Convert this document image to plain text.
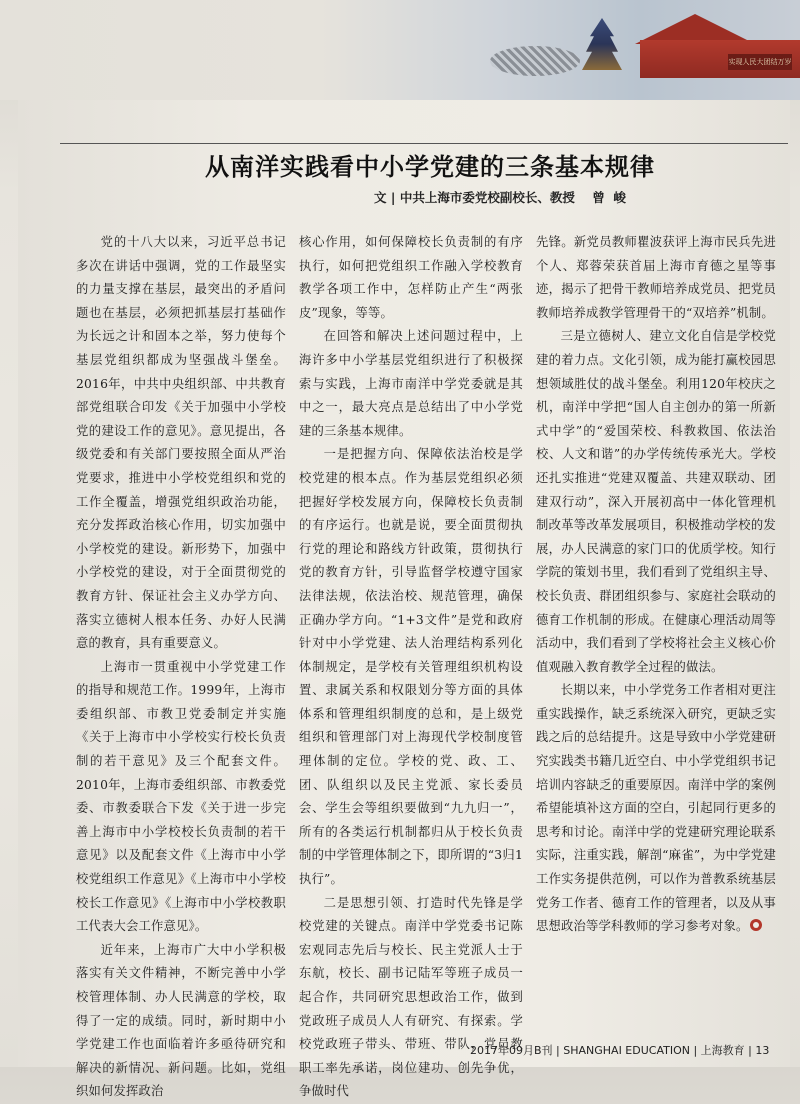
实现人民大团结万岁
从南洋实践看中小学党建的三条基本规律
文 | 中共上海市委党校副校长、教授    曾  峻

党的十八大以来，习近平总书记多次在讲话中强调，党的工作最坚实的力量支撑在基层，最突出的矛盾问题也在基层，必须把抓基层打基础作为长远之计和固本之举，努力使每个基层党组织都成为坚强战斗堡垒。2016年，中共中央组织部、中共教育部党组联合印发《关于加强中小学校党的建设工作的意见》。意见提出，各级党委和有关部门要按照全面从严治党要求，推进中小学校党组织和党的工作全覆盖，增强党组织政治功能，充分发挥政治核心作用，切实加强中小学校党的建设。新形势下，加强中小学校党的建设，对于全面贯彻党的教育方针、保证社会主义办学方向、落实立德树人根本任务、办好人民满意的教育，具有重要意义。

上海市一贯重视中小学党建工作的指导和规范工作。1999年，上海市委组织部、市教卫党委制定并实施《关于上海市中小学校实行校长负责制的若干意见》及三个配套文件。2010年，上海市委组织部、市教委党委、市教委联合下发《关于进一步完善上海市中小学校校长负责制的若干意见》以及配套文件《上海市中小学校党组织工作意见》《上海市中小学校校长工作意见》《上海市中小学校教职工代表大会工作意见》。

近年来，上海市广大中小学积极落实有关文件精神，不断完善中小学校管理体制、办人民满意的学校，取得了一定的成绩。同时，新时期中小学党建工作也面临着许多亟待研究和解决的新情况、新问题。比如，党组织如何发挥政治

核心作用，如何保障校长负责制的有序执行，如何把党组织工作融入学校教育教学各项工作中，怎样防止产生“两张皮”现象，等等。

在回答和解决上述问题过程中，上海许多中小学基层党组织进行了积极探索与实践，上海市南洋中学党委就是其中之一，最大亮点是总结出了中小学党建的三条基本规律。

一是把握方向、保障依法治校是学校党建的根本点。作为基层党组织必须把握好学校发展方向，保障校长负责制的有序运行。也就是说，要全面贯彻执行党的理论和路线方针政策，贯彻执行党的教育方针，引导监督学校遵守国家法律法规，依法治校、规范管理，确保正确办学方向。“1+3文件”是党和政府针对中小学党建、法人治理结构系列化体制规定，是学校有关管理组织机构设置、隶属关系和权限划分等方面的具体体系和管理组织制度的总和，是上级党组织和管理部门对上海现代学校制度管理体制的定位。学校的党、政、工、团、队组织以及民主党派、家长委员会、学生会等组织要做到“九九归一”，所有的各类运行机制都归从于校长负责制的中学管理体制之下，即所谓的“3归1执行”。

二是思想引领、打造时代先锋是学校党建的关键点。南洋中学党委书记陈宏观同志先后与校长、民主党派人士于东航，校长、副书记陆军等班子成员一起合作，共同研究思想政治工作，做到党政班子成员人人有研究、有探索。学校党政班子带头、带班、带队，党员教职工率先承诺，岗位建功、创先争优，争做时代

先锋。新党员教师瞿波获评上海市民兵先进个人、郑蓉荣获首届上海市育德之星等事迹，揭示了把骨干教师培养成党员、把党员教师培养成教学管理骨干的“双培养”机制。

三是立德树人、建立文化自信是学校党建的着力点。文化引领，成为能打赢校园思想领域胜仗的战斗堡垒。利用120年校庆之机，南洋中学把“国人自主创办的第一所新式中学”的“爱国荣校、科教救国、依法治校、人文和谐”的办学传统传承光大。学校还扎实推进“党建双覆盖、共建双联动、团建双行动”，深入开展初高中一体化管理机制改革等改革发展项目，积极推动学校的发展，办人民满意的家门口的优质学校。知行学院的策划书里，我们看到了党组织主导、校长负责、群团组织参与、家庭社会联动的德育工作机制的形成。在健康心理活动周等活动中，我们看到了学校将社会主义核心价值观融入教育教学全过程的做法。

长期以来，中小学党务工作者相对更注重实践操作，缺乏系统深入研究，更缺乏实践之后的总结提升。这是导致中小学党建研究实践类书籍几近空白、中小学党组织书记培训内容缺乏的重要原因。南洋中学的案例希望能填补这方面的空白，引起同行更多的思考和讨论。南洋中学的党建研究理论联系实际，注重实践，解剖“麻雀”，为中学党建工作实务提供范例，可以作为普教系统基层党务工作者、德育工作的管理者，以及从事思想政治等学科教师的学习参考对象。

2017年09月B刊 | SHANGHAI EDUCATION | 上海教育 | 13
